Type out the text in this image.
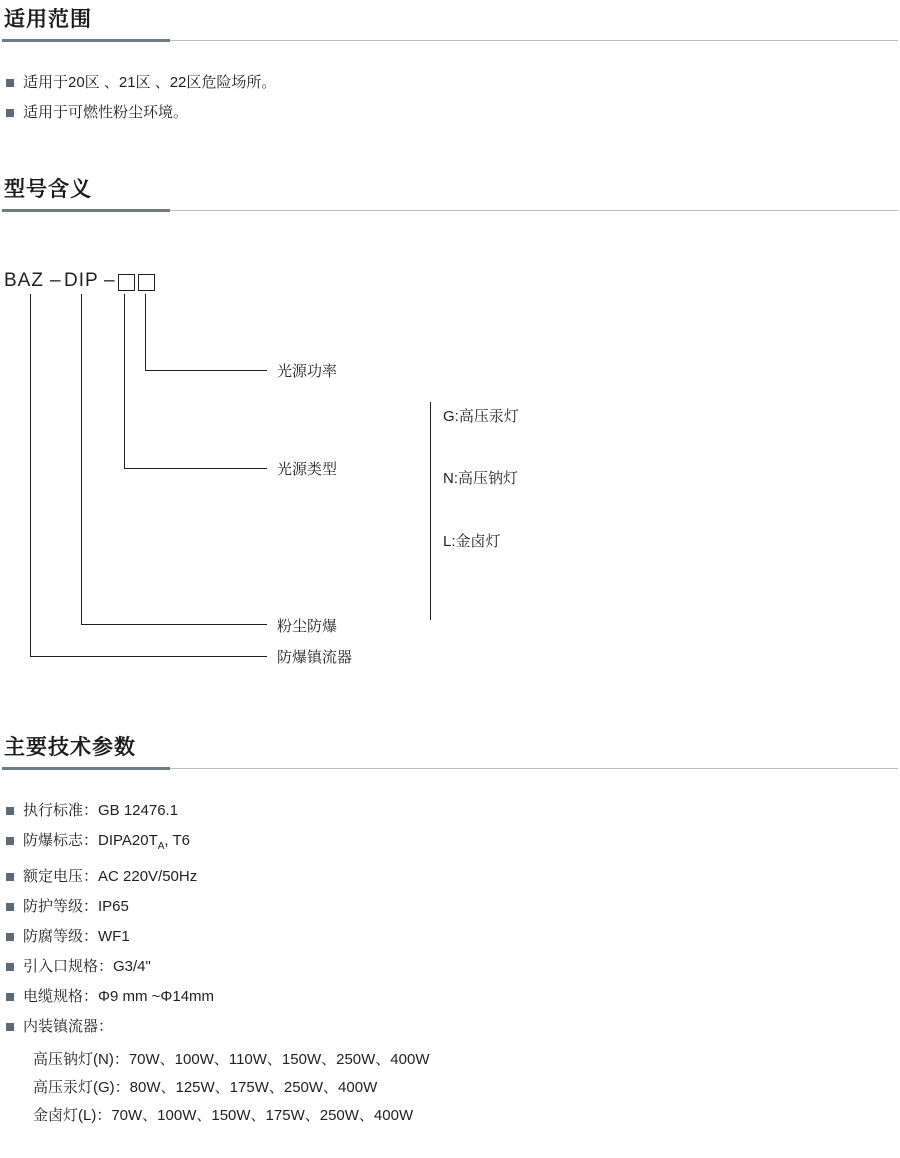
适用范围
适用于20区 、21区 、22区危险场所。
适用于可燃性粉尘环境。
型号含义
BAZ – DIP –
光源功率
光源类型
G:高压汞灯
N:高压钠灯
L:金卤灯
粉尘防爆
防爆镇流器
主要技术参数
执行标准：GB 12476.1
防爆标志：$DIPA20T_A$, T6
额定电压：AC 220V/50Hz
防护等级：IP65
防腐等级：WF1
引入口规格：G3/4"
电缆规格：Φ9 mm ~Φ14mm
内装镇流器：
高压钠灯(N)：70W、100W、110W、150W、250W、400W
高压汞灯(G)：80W、125W、175W、250W、400W
金卤灯(L)：70W、100W、150W、175W、250W、400W
